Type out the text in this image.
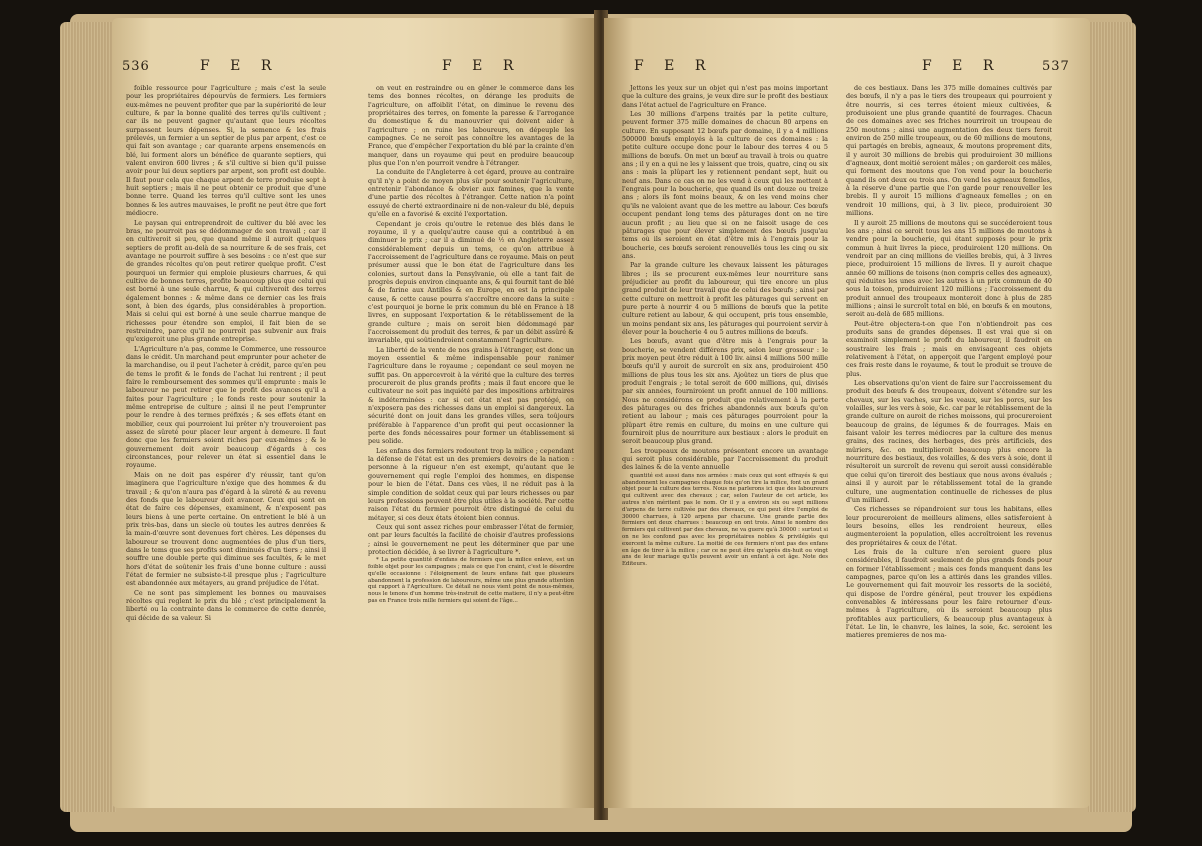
536	F E R	F E R

foible ressource pour l'agriculture ; mais c'est la seule pour les propriétaires dépourvûs de fermiers. Les fermiers eux-mêmes ne peuvent profiter que par la supériorité de leur culture, & par la bonne qualité des terres qu'ils cultivent ; car ils ne peuvent gagner qu'autant que leurs récoltes surpassent leurs dépenses. Si, la semence & les frais prélevés, un fermier a un septier de plus par arpent, c'est ce qui fait son avantage ; car quarante arpens ensemencés en blé, lui forment alors un bénéfice de quarante septiers, qui valent environ 600 livres ; & s'il cultive si bien qu'il puisse avoir pour lui deux septiers par arpent, son profit est double. Il faut pour cela que chaque arpent de terre produise sept à huit septiers ; mais il ne peut obtenir ce produit que d'une bonne terre. Quand les terres qu'il cultive sont les unes bonnes & les autres mauvaises, le profit ne peut être que fort médiocre.

Le paysan qui entreprendroit de cultiver du blé avec les bras, ne pourroit pas se dédommager de son travail ; car il en cultiveroit si peu, que quand même il auroit quelques septiers de profit au-delà de sa nourriture & de ses frais, cet avantage ne pourroit suffire à ses besoins : ce n'est que sur de grandes récoltes qu'on peut retirer quelque profit. C'est pourquoi un fermier qui emploie plusieurs charrues, & qui cultive de bonnes terres, profite beaucoup plus que celui qui est borné à une seule charrue, & qui cultiveroit des terres également bonnes : & même dans ce dernier cas les frais sont, à bien des égards, plus considérables à proportion. Mais si celui qui est borné à une seule charrue manque de richesses pour étendre son emploi, il fait bien de se restreindre, parce qu'il ne pourroit pas subvenir aux frais qu'exigeroit une plus grande entreprise.

L'Agriculture n'a pas, comme le Commerce, une ressource dans le crédit. Un marchand peut emprunter pour acheter de la marchandise, ou il peut l'acheter à crédit, parce qu'en peu de tems le profit & le fonds de l'achat lui rentrent ; il peut faire le remboursement des sommes qu'il emprunte : mais le laboureur ne peut retirer que le profit des avances qu'il a faites pour l'agriculture ; le fonds reste pour soutenir la même entreprise de culture ; ainsi il ne peut l'emprunter pour le rendre à des termes préfixés ; & ses effets étant en mobilier, ceux qui pourroient lui prêter n'y trouveroient pas assez de sûreté pour placer leur argent à demeure. Il faut donc que les fermiers soient riches par eux-mêmes ; & le gouvernement doit avoir beaucoup d'égards à ces circonstances, pour relever un état si essentiel dans le royaume.

Mais on ne doit pas espérer d'y réussir, tant qu'on imaginera que l'agriculture n'exige que des hommes & du travail ; & qu'on n'aura pas d'égard à la sûreté & au revenu des fonds que le laboureur doit avancer. Ceux qui sont en état de faire ces dépenses, examinent, & n'exposent pas leurs biens à une perte certaine. On entretient le blé à un prix très-bas, dans un siecle où toutes les autres denrées & la main-d'œuvre sont devenues fort chères. Les dépenses du laboureur se trouvent donc augmentées de plus d'un tiers, dans le tems que ses profits sont diminués d'un tiers ; ainsi il souffre une double perte qui diminue ses facultés, & le met hors d'état de soûtenir les frais d'une bonne culture : aussi l'état de fermier ne subsiste-t-il presque plus ; l'agriculture est abandonnée aux métayers, au grand préjudice de l'état.

Ce ne sont pas simplement les bonnes ou mauvaises récoltes qui reglent le prix du blé ; c'est principalement la liberté ou la contrainte dans le commerce de cette denrée, qui décide de sa valeur. Si

on veut en restraindre ou en gêner le commerce dans les tems des bonnes récoltes, on dérange les produits de l'agriculture, on affoiblit l'état, on diminue le revenu des propriétaires des terres, on fomente la paresse & l'arrogance du domestique & du manouvrier qui doivent aider à l'agriculture ; on ruine les laboureurs, on dépeuple les campagnes. Ce ne seroit pas connoître les avantages de la France, que d'empêcher l'exportation du blé par la crainte d'en manquer, dans un royaume qui peut en produire beaucoup plus que l'on n'en pourroit vendre à l'étranger.

La conduite de l'Angleterre à cet égard, prouve au contraire qu'il n'y a point de moyen plus sûr pour soutenir l'agriculture, entretenir l'abondance & obvier aux famines, que la vente d'une partie des récoltes à l'étranger. Cette nation n'a point essuyé de cherté extraordinaire ni de non-valeur du blé, depuis qu'elle en a favorisé & excité l'exportation.

Cependant je crois qu'outre le retenue des blés dans le royaume, il y a quelqu'autre cause qui a contribué à en diminuer le prix ; car il a diminué de ½ en Angleterre assez considérablement depuis un tems, ce qu'on attribue à l'accroissement de l'agriculture dans ce royaume. Mais on peut présumer aussi que le bon état de l'agriculture dans les colonies, surtout dans la Pensylvanie, où elle a tant fait de progrès depuis environ cinquante ans, & qui fournit tant de blé & de farine aux Antilles & en Europe, en est la principale cause, & cette cause pourra s'accroître encore dans la suite : c'est pourquoi je borne le prix commun du blé en France à 18 livres, en supposant l'exportation & le rétablissement de la grande culture ; mais on seroit bien dédommagé par l'accroissement du produit des terres, & par un débit assûré & invariable, qui soûtiendroient constamment l'agriculture.

La liberté de la vente de nos grains à l'étranger, est donc un moyen essentiel & même indispensable pour ranimer l'agriculture dans le royaume ; cependant ce seul moyen ne suffit pas. On appercevroit à la vérité que la culture des terres procureroit de plus grands profits ; mais il faut encore que le cultivateur ne soit pas inquiété par des impositions arbitraires & indéterminées : car si cet état n'est pas protégé, on n'exposera pas des richesses dans un emploi si dangereux. La sécurité dont on jouit dans les grandes villes, sera toûjours préférable à l'apparence d'un profit qui peut occasionner la perte des fonds nécessaires pour former un établissement si peu solide.

Les enfans des fermiers redoutent trop la milice ; cependant la défense de l'état est un des premiers devoirs de la nation : personne à la rigueur n'en est exempt, qu'autant que le gouvernement qui regle l'emploi des hommes, en dispense pour le bien de l'état. Dans ces vûes, il ne réduit pas à la simple condition de soldat ceux qui par leurs richesses ou par leurs professions peuvent être plus utiles à la société. Par cette raison l'état du fermier pourroit être distingué de celui du métayer, si ces deux états étoient bien connus.

Ceux qui sont assez riches pour embrasser l'état de fermier, ont par leurs facultés la facilité de choisir d'autres professions ; ainsi le gouvernement ne peut les déterminer que par une protection décidée, à se livrer à l'agriculture *.

* La petite quantité d'enfans de fermiers que la milice enleve, est un foible objet pour les campagnes ; mais ce que l'on craint, c'est le désordre qu'elle occasionne : l'éloignement de leurs enfans fait que plusieurs abandonnent la profession de laboureurs, même une plus grande attention qui rapport à l'Agriculture. Ce détail ne nous vient point de nous-mêmes, nous le tenons d'un homme très-instruit de cette matiere, il n'y a peut-être pas en France trois mille fermiers qui soient de l'âge...

F E R	F E R	537

Jettons les yeux sur un objet qui n'est pas moins important que la culture des grains, je veux dire sur le profit des bestiaux dans l'état actuel de l'agriculture en France.

Les 30 millions d'arpens traités par la petite culture, peuvent former 375 mille domaines de chacun 80 arpens en culture. En supposant 12 bœufs par domaine, il y a 4 millions 500000 bœufs employés à la culture de ces domaines : la petite culture occupe donc pour le labour des terres 4 ou 5 millions de bœufs. On met un bœuf au travail à trois ou quatre ans ; il y en a qui ne les y laissent que trois, quatre, cinq ou six ans : mais la plûpart les y retiennent pendant sept, huit ou neuf ans. Dans ce cas on ne les vend à ceux qui les mettent à l'engrais pour la boucherie, que quand ils ont douze ou treize ans ; alors ils font moins beaux, & on les vend moins cher qu'ils ne valoient avant que de les mettre au labour. Ces bœufs occupent pendant long tems des pâturages dont on ne tire aucun profit ; au lieu que si on ne faisoit usage de ces pâturages que pour élever simplement des bœufs jusqu'au tems où ils seroient en état d'être mis à l'engrais pour la boucherie, ces bœufs seroient renouvellés tous les cinq ou six ans.

Par la grande culture les chevaux laissent les pâturages libres ; ils se procurent eux-mêmes leur nourriture sans préjudicier au profit du laboureur, qui tire encore un plus grand produit de leur travail que de celui des bœufs ; ainsi par cette culture on mettroit à profit les pâturages qui servent en pure perte à nourrir 4 ou 5 millions de bœufs que la petite culture retient au labour, & qui occupent, pris tous ensemble, un moins pendant six ans, les pâturages qui pourroient servir à élever pour la boucherie 4 ou 5 autres millions de bœufs.

Les bœufs, avant que d'être mis à l'engrais pour la boucherie, se vendent différens prix, selon leur grosseur : le prix moyen peut être réduit à 100 liv. ainsi 4 millions 500 mille bœufs qu'il y auroit de surcroît en six ans, produiroient 450 millions de plus tous les six ans. Ajoûtez un tiers de plus que produit l'engrais ; le total seroit de 600 millions, qui, divisés par six années, fourniroient un profit annuel de 100 millions. Nous ne considérons ce produit que relativement à la perte des pâturages ou des friches abandonnés aux bœufs qu'on retient au labour ; mais ces pâturages pourroient pour la plûpart être remis en culture, du moins en une culture qui fourniroit plus de nourriture aux bestiaux : alors le produit en seroit beaucoup plus grand.

Les troupeaux de moutons présentent encore un avantage qui seroit plus considérable, par l'accroissement du produit des laines & de la vente annuelle

quantité est aussi dans nos armées : mais ceux qui sont effrayés & qui abandonnent les campagnes chaque fois qu'on tire la milice, font un grand objet pour la culture des terres. Nous ne parlerons ici que des laboureurs qui cultivent avec des chevaux ; car, selon l'auteur de cet article, les autres n'en méritent pas le nom. Or il y a environ six ou sept millions d'arpens de terre cultivée par des chevaux, ce qui peut être l'emploi de 30000 charrues, à 120 arpens par chacune. Une grande partie des fermiers ont deux charrues : beaucoup en ont trois. Ainsi le nombre des fermiers qui cultivent par des chevaux, ne va guere qu'à 30000 : surtout si on ne les confond pas avec les propriétaires nobles & privilégiés qui exercent la même culture. La moitié de ces fermiers n'ont pas des enfans en âge de tirer à la milice ; car ce ne peut être qu'après dix-huit ou vingt ans de leur mariage qu'ils peuvent avoir un enfant à cet âge. Note des Editeurs.

de ces bestiaux. Dans les 375 mille domaines cultivés par des bœufs, il n'y a pas le tiers des troupeaux qui pourroient y être nourris, si ces terres étoient mieux cultivées, & produisoient une plus grande quantité de fourrages. Chacun de ces domaines avec ses friches nourriroit un troupeau de 250 moutons ; ainsi une augmentation des deux tiers feroit environ de 250 mille troupeaux, ou de 60 millions de moutons, qui partagés en brebis, agneaux, & moutons proprement dits, il y auroit 30 millions de brebis qui produiroient 30 millions d'agneaux, dont moitié seroient mâles ; on garderoit ces mâles, qui forment des moutons que l'on vend pour la boucherie quand ils ont deux ou trois ans. On vend les agneaux femelles, à la réserve d'une partie que l'on garde pour renouveller les brebis. Il y auroit 15 millions d'agneaux femelles ; on en vendroit 10 millions, qui, à 3 liv. piece, produiroient 30 millions.

Il y auroit 25 millions de moutons qui se succéderoient tous les ans ; ainsi ce seroit tous les ans 15 millions de moutons à vendre pour la boucherie, qui étant supposés pour le prix commun à huit livres la piece, produiroient 120 millions. On vendroit par an cinq millions de vieilles brebis, qui, à 3 livres piece, produiroient 15 millions de livres. Il y auroit chaque année 60 millions de toisons (non compris celles des agneaux), qui réduites les unes avec les autres à un prix commun de 40 sous la toison, produiroient 120 millions ; l'accroissement du produit annuel des troupeaux monteroit donc à plus de 285 millions ; ainsi le surcroît total en blé, en bœufs & en moutons, seroit au-delà de 685 millions.

Peut-être objectera-t-on que l'on n'obtiendroit pas ces produits sans de grandes dépenses. Il est vrai que si on examinoit simplement le profit du laboureur, il faudroit en soustraire les frais ; mais en envisageant ces objets relativement à l'état, on apperçoit que l'argent employé pour ces frais reste dans le royaume, & tout le produit se trouve de plus.

Les observations qu'on vient de faire sur l'accroissement du produit des bœufs & des troupeaux, doivent s'étendre sur les chevaux, sur les vaches, sur les veaux, sur les porcs, sur les volailles, sur les vers à soie, &c. car par le rétablissement de la grande culture on auroit de riches moissons, qui procureroient beaucoup de grains, de légumes & de fourrages. Mais en faisant valoir les terres médiocres par la culture des menus grains, des racines, des herbages, des prés artificiels, des mûriers, &c. on multiplieroit beaucoup plus encore la nourriture des bestiaux, des volailles, & des vers à soie, dont il résulteroit un surcroît de revenu qui seroit aussi considérable que celui qu'on tireroit des bestiaux que nous avons évalués ; ainsi il y auroit par le rétablissement total de la grande culture, une augmentation continuelle de richesses de plus d'un milliard.

Ces richesses se répandroient sur tous les habitans, elles leur procureroient de meilleurs alimens, elles satisferoient à leurs besoins, elles les rendroient heureux, elles augmenteroient la population, elles accroîtroient les revenus des propriétaires & ceux de l'état.

Les frais de la culture n'en seroient guere plus considérables, il faudroit seulement de plus grands fonds pour en former l'établissement ; mais ces fonds manquent dans les campagnes, parce qu'on les a attirés dans les grandes villes. Le gouvernement qui fait mouvoir les ressorts de la société, qui dispose de l'ordre général, peut trouver les expédiens convenables & intéressans pour les faire retourner d'eux-mêmes à l'agriculture, où ils seroient beaucoup plus profitables aux particuliers, & beaucoup plus avantageux à l'état. Le lin, le chanvre, les laines, la soie, &c. seroient les matieres premieres de nos ma-
